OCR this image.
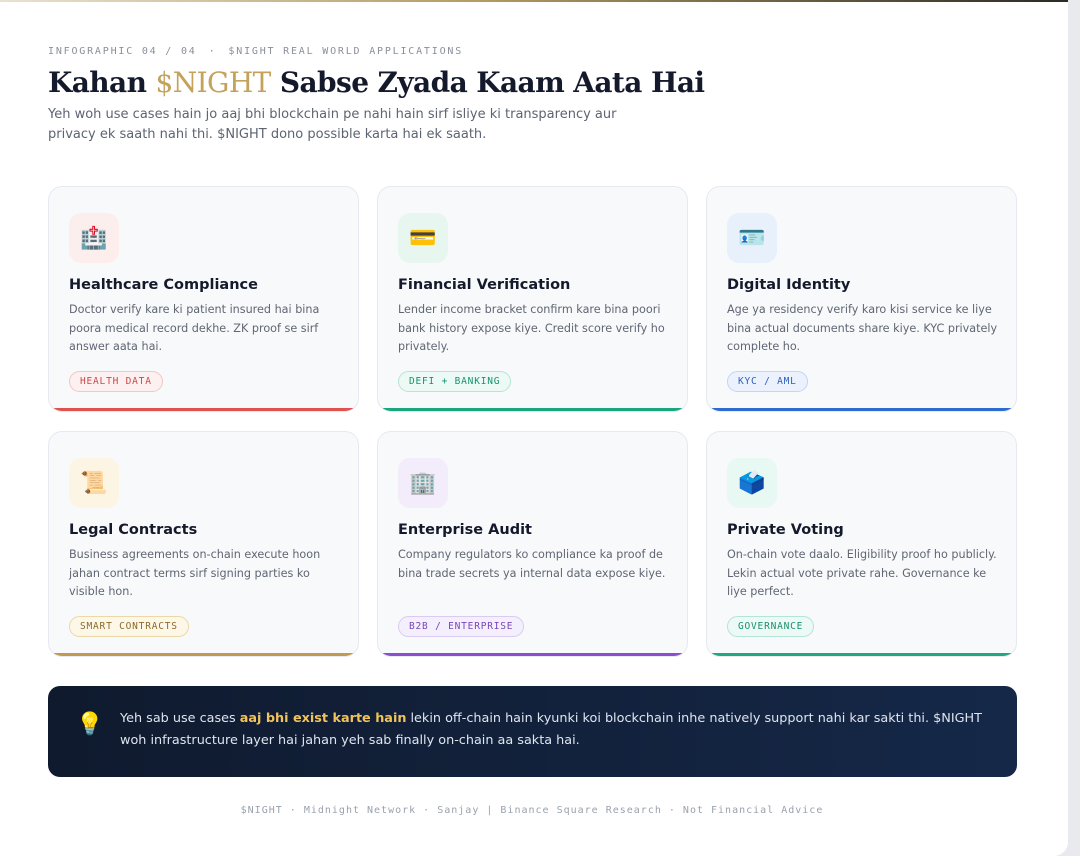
INFOGRAPHIC 04 / 04 · $NIGHT REAL WORLD APPLICATIONS
Kahan $NIGHT Sabse Zyada Kaam Aata Hai
Yeh woh use cases hain jo aaj bhi blockchain pe nahi hain sirf isliye ki transparency aur privacy ek saath nahi thi. $NIGHT dono possible karta hai ek saath.
🏥
Healthcare Compliance

Doctor verify kare ki patient insured hai bina poora medical record dekhe. ZK proof se sirf answer aata hai.

HEALTH DATA
💳
Financial Verification

Lender income bracket confirm kare bina poori bank history expose kiye. Credit score verify ho privately.

DEFI + BANKING
🪪
Digital Identity

Age ya residency verify karo kisi service ke liye bina actual documents share kiye. KYC privately complete ho.

KYC / AML
📜
Legal Contracts

Business agreements on-chain execute hoon jahan contract terms sirf signing parties ko visible hon.

SMART CONTRACTS
🏢
Enterprise Audit

Company regulators ko compliance ka proof de bina trade secrets ya internal data expose kiye.

B2B / ENTERPRISE
🗳️
Private Voting

On-chain vote daalo. Eligibility proof ho publicly. Lekin actual vote private rahe. Governance ke liye perfect.

GOVERNANCE
💡 Yeh sab use cases aaj bhi exist karte hain lekin off-chain hain kyunki koi blockchain inhe natively support nahi kar sakti thi. $NIGHT woh infrastructure layer hai jahan yeh sab finally on-chain aa sakta hai.
$NIGHT · Midnight Network · Sanjay | Binance Square Research · Not Financial Advice
